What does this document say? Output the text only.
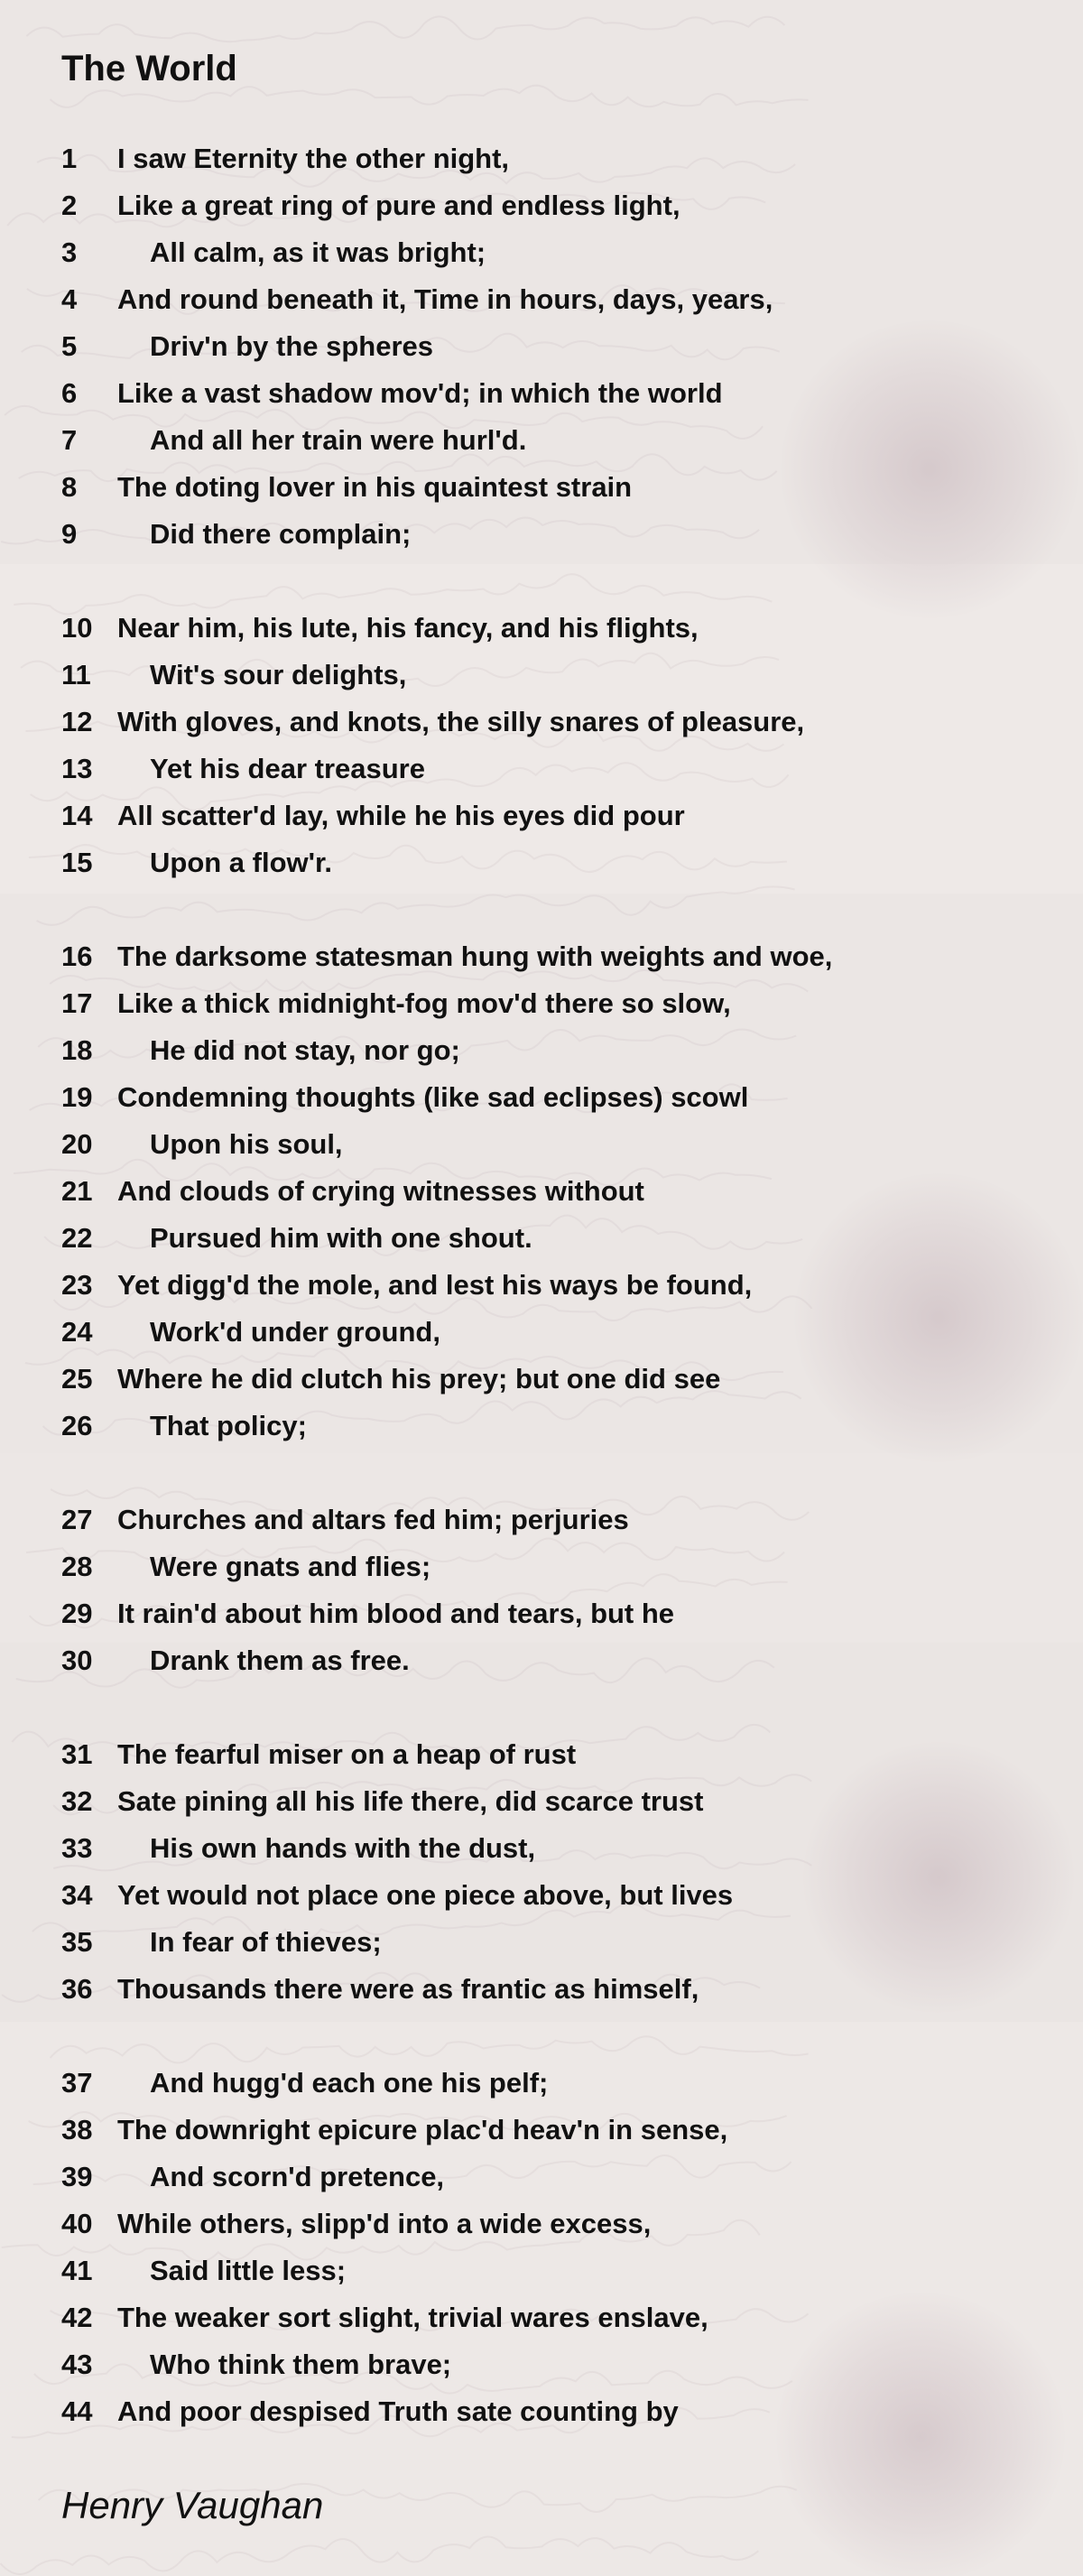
The World
1	I saw Eternity the other night,
2	Like a great ring of pure and endless light,
3	All calm, as it was bright;
4	And round beneath it, Time in hours, days, years,
5	Driv'n by the spheres
6	Like a vast shadow mov'd; in which the world
7	And all her train were hurl'd.
8	The doting lover in his quaintest strain
9	Did there complain;
10 Near him, his lute, his fancy, and his flights,
11	Wit's sour delights,
12 With gloves, and knots, the silly snares of pleasure,
13	Yet his dear treasure
14 All scatter'd lay, while he his eyes did pour
15	Upon a flow'r.
16 The darksome statesman hung with weights and woe,
17 Like a thick midnight-fog mov'd there so slow,
18	He did not stay, nor go;
19 Condemning thoughts (like sad eclipses) scowl
20	Upon his soul,
21 And clouds of crying witnesses without
22	Pursued him with one shout.
23 Yet digg'd the mole, and lest his ways be found,
24	Work'd under ground,
25 Where he did clutch his prey; but one did see
26	That policy;
27 Churches and altars fed him; perjuries
28	Were gnats and flies;
29 It rain'd about him blood and tears, but he
30	Drank them as free.
31 The fearful miser on a heap of rust
32 Sate pining all his life there, did scarce trust
33	His own hands with the dust,
34 Yet would not place one piece above, but lives
35	In fear of thieves;
36 Thousands there were as frantic as himself,
37	And hugg'd each one his pelf;
38 The downright epicure plac'd heav'n in sense,
39	And scorn'd pretence,
40 While others, slipp'd into a wide excess,
41	Said little less;
42 The weaker sort slight, trivial wares enslave,
43	Who think them brave;
44 And poor despised Truth sate counting by
Henry Vaughan
